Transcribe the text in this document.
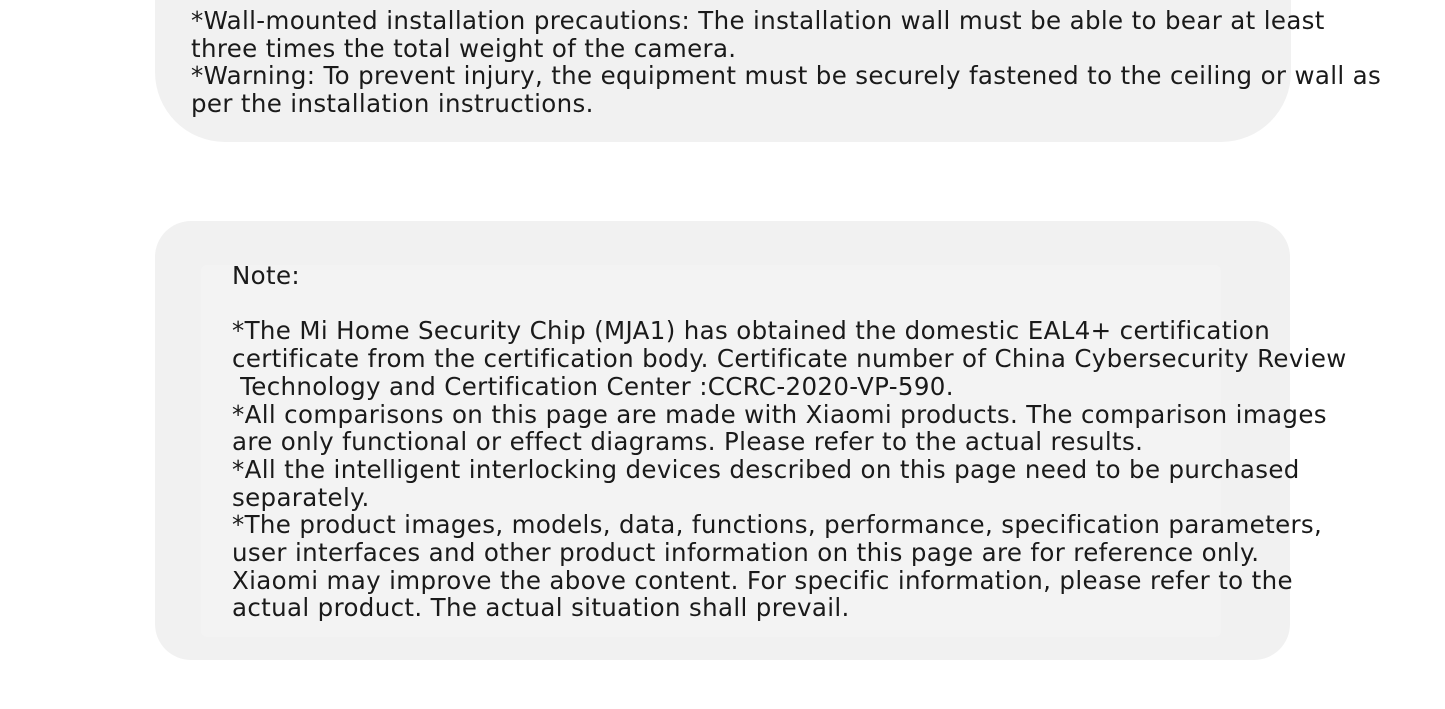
*Wall-mounted installation precautions: The installation wall must be able to bear at least
three times the total weight of the camera.
*Warning: To prevent injury, the equipment must be securely fastened to the ceiling or wall as
per the installation instructions.
Note:
*The Mi Home Security Chip (MJA1) has obtained the domestic EAL4+ certification
certificate from the certification body. Certificate number of China Cybersecurity Review
Technology and Certification Center :CCRC-2020-VP-590.
*All comparisons on this page are made with Xiaomi products. The comparison images
are only functional or effect diagrams. Please refer to the actual results.
*All the intelligent interlocking devices described on this page need to be purchased
separately.
*The product images, models, data, functions, performance, specification parameters,
user interfaces and other product information on this page are for reference only.
Xiaomi may improve the above content. For specific information, please refer to the
actual product. The actual situation shall prevail.
